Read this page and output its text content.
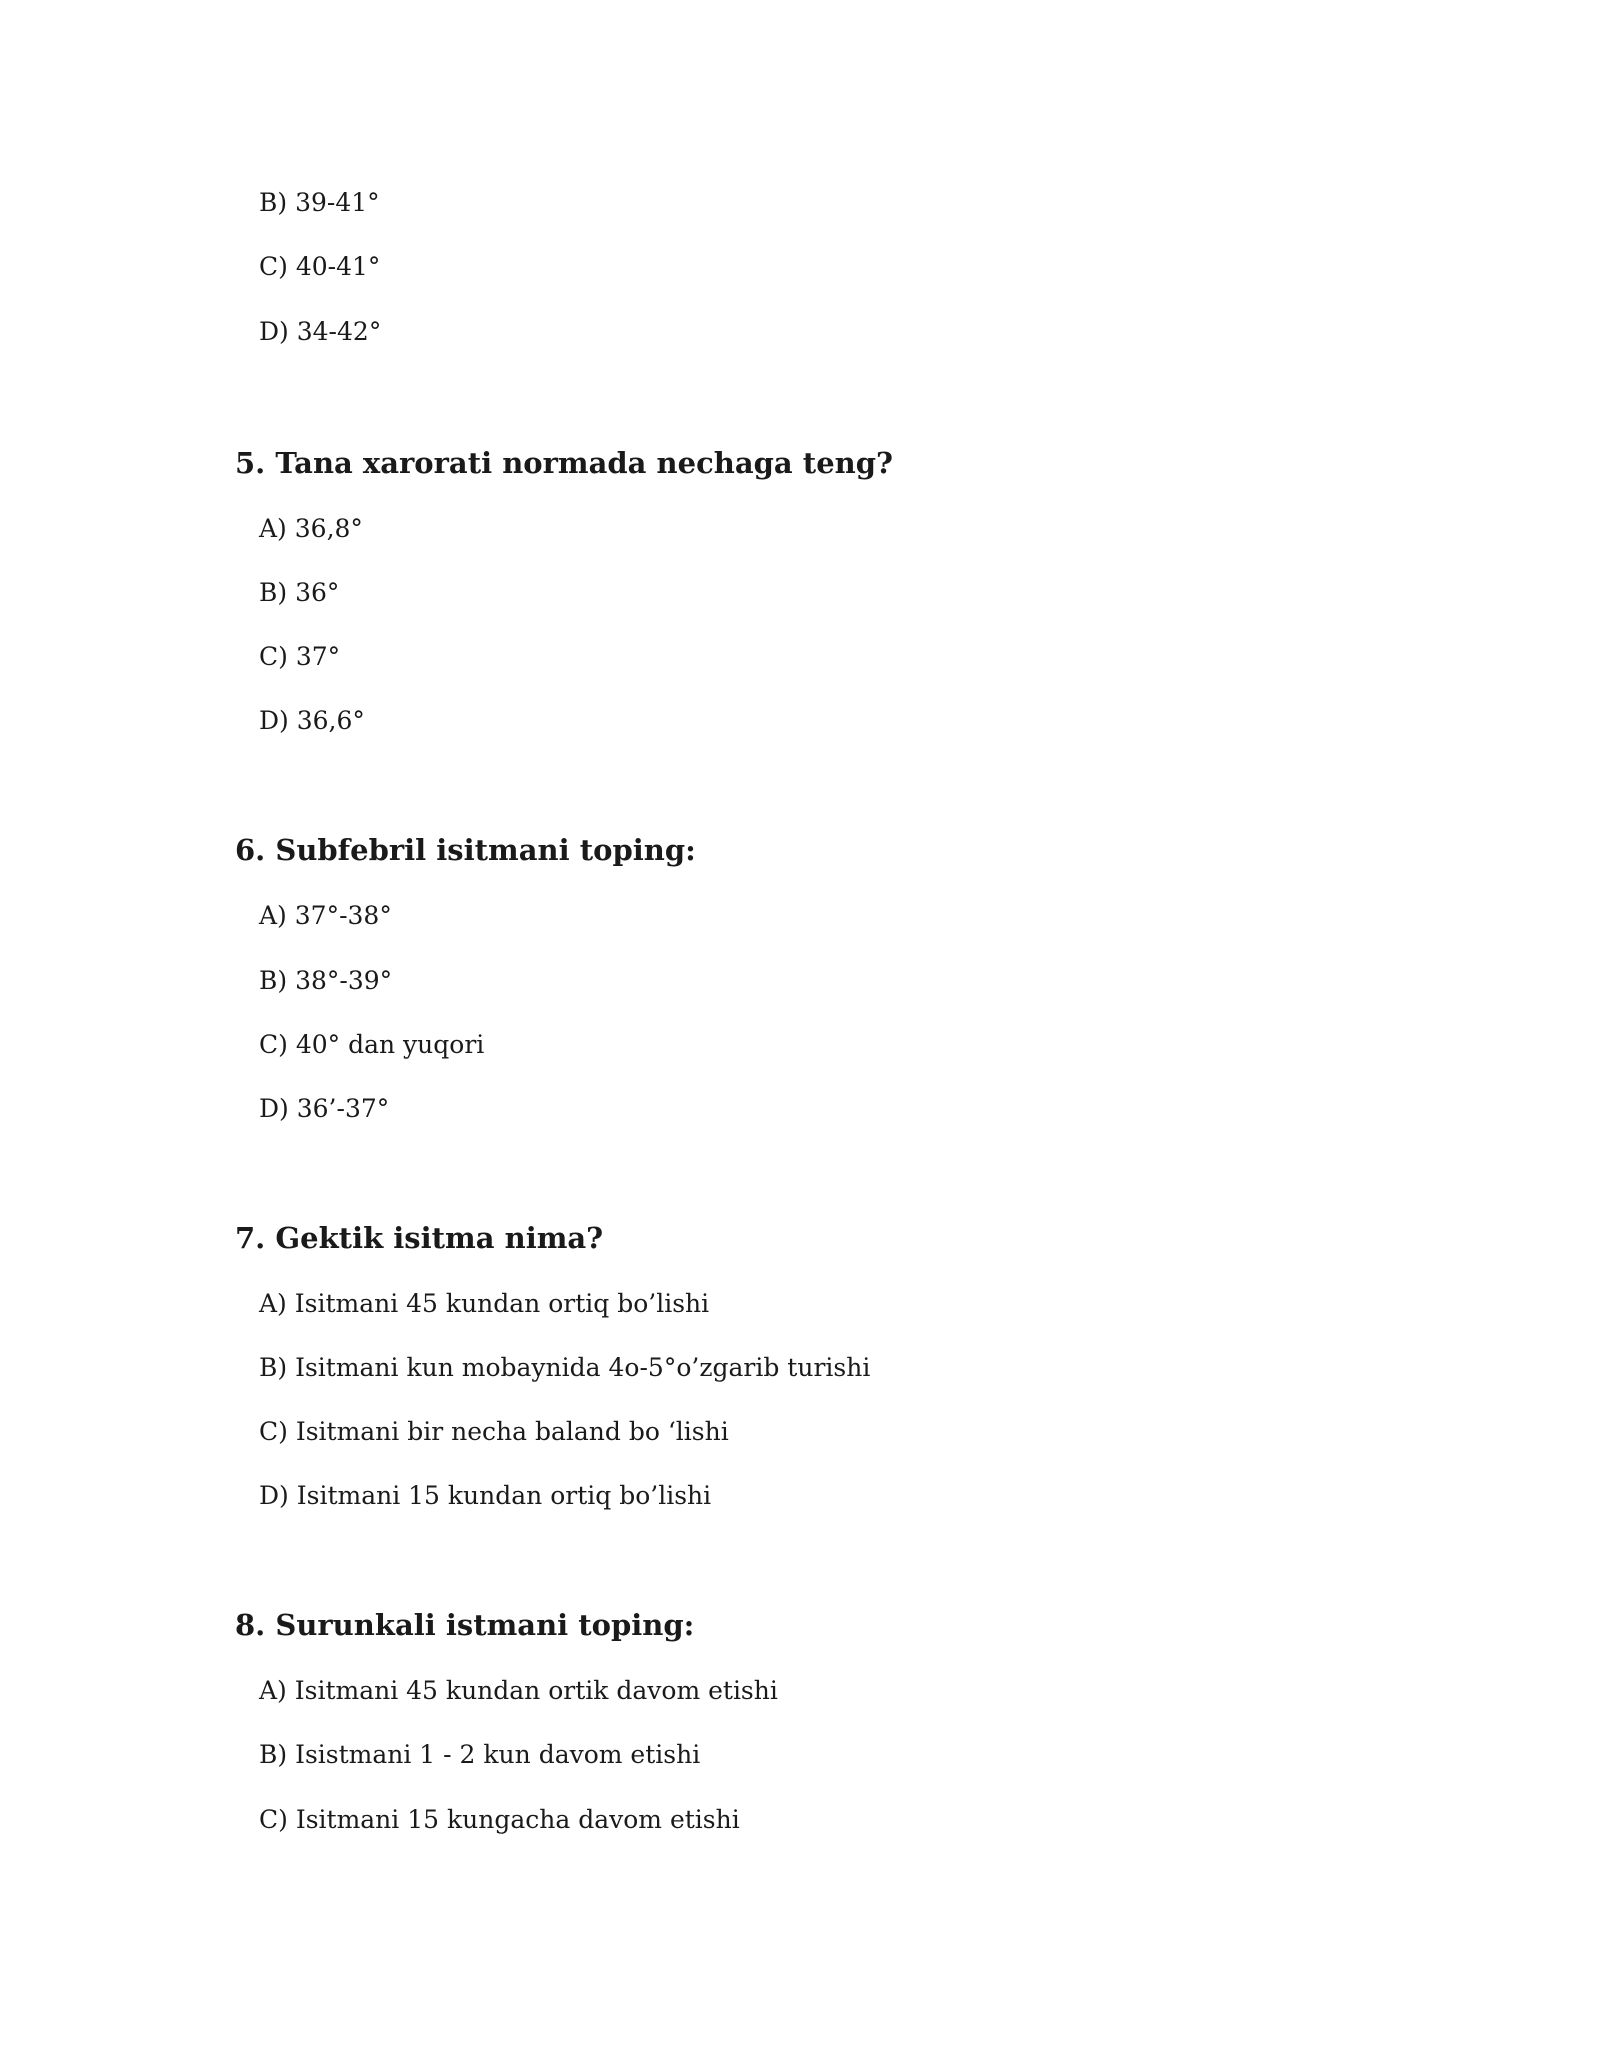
B) 39-41°
C) 40-41°
D) 34-42°
5. Tana xarorati normada nechaga teng?
A) 36,8°
B) 36°
C) 37°
D) 36,6°
6. Subfebril isitmani toping:
A) 37°-38°
B) 38°-39°
C) 40° dan yuqori
D) 36’-37°
7. Gektik isitma nima?
A) Isitmani 45 kundan ortiq bo’lishi
B) Isitmani kun mobaynida 4o-5°o’zgarib turishi
C) Isitmani bir necha baland bo ‘lishi
D) Isitmani 15 kundan ortiq bo’lishi
8. Surunkali istmani toping:
A) Isitmani 45 kundan ortik davom etishi
B) Isistmani 1 - 2 kun davom etishi
C) Isitmani 15 kungacha davom etishi
